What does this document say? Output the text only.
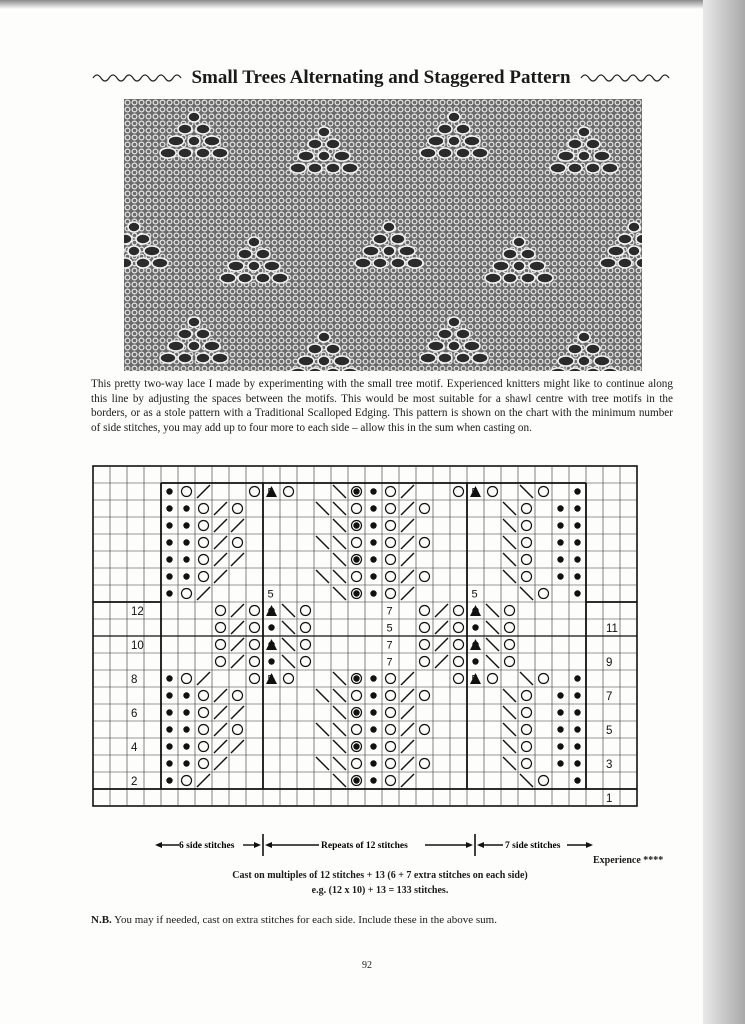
Small Trees Alternating and Staggered Pattern

This pretty two-way lace I made by experimenting with the small tree motif. Experienced knitters might like to continue along this line by adjusting the spaces between the motifs. This would be most suitable for a shawl centre with tree motifs in the borders, or as a stole pattern with a Traditional Scalloped Edging. This pattern is shown on the chart with the minimum number of side stitches, you may add up to four more to each side – allow this in the sum when casting on.

5
5
5
5
5	5
7
7
5
7
12
10
8
6
4
2
11
9
7
5
3
1
6 side stitches	Repeats of 12 stitches	7 side stitches
Experience ****
Cast on multiples of 12 stitches + 13 (6 + 7 extra stitches on each side)
e.g. (12 x 10) + 13 = 133 stitches.
N.B. You may if needed, cast on extra stitches for each side. Include these in the above sum.
92
